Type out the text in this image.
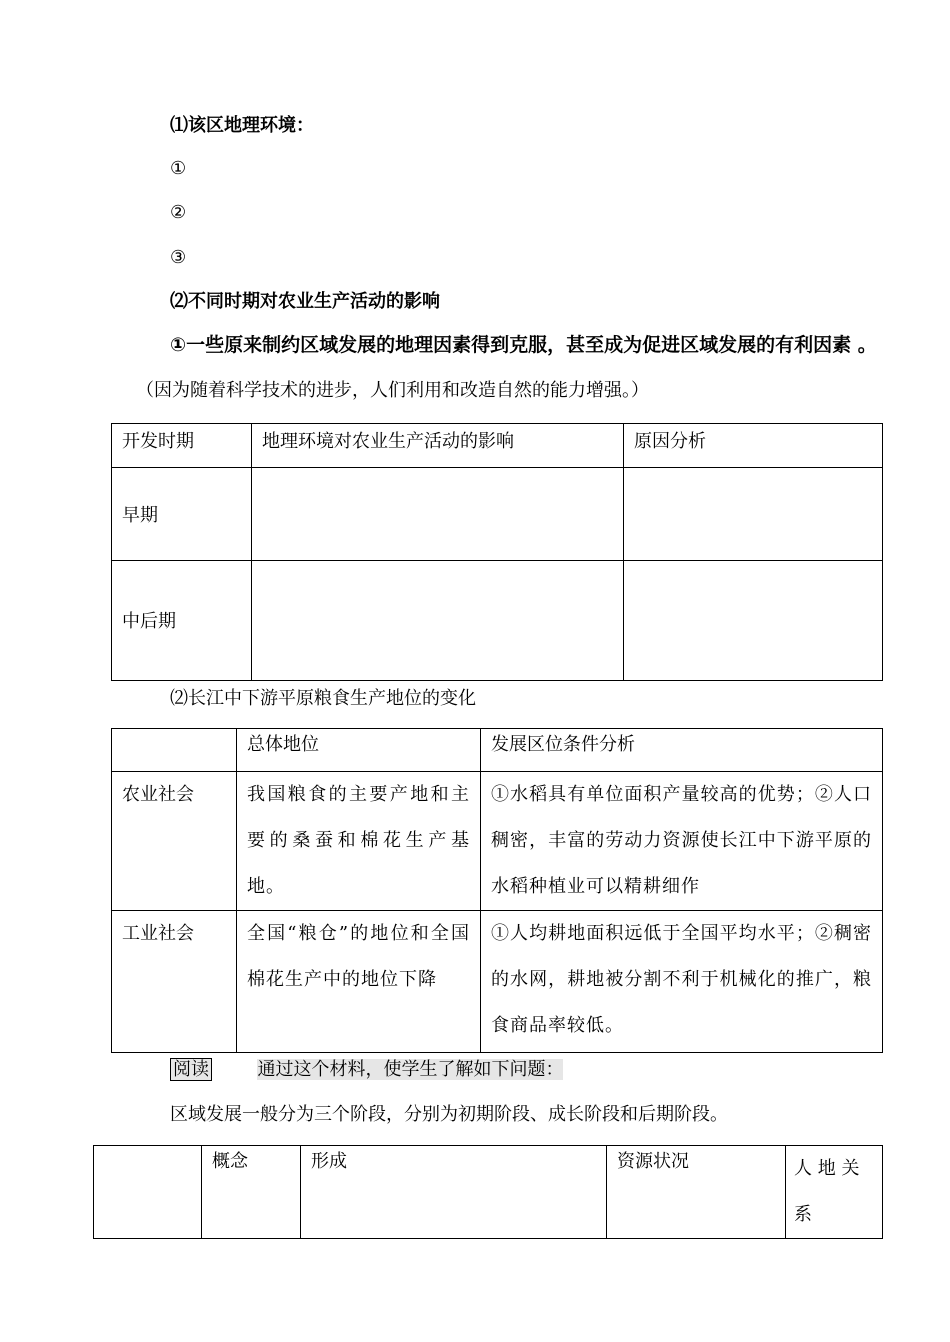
⑴该区地理环境：
①
②
③
⑵不同时期对农业生产活动的影响
①一些原来制约区域发展的地理因素得到克服，甚至成为促进区域发展的有利因素 。
（因为随着科学技术的进步，人们利用和改造自然的能力增强。）
开发时期	地理环境对农业生产活动的影响	原因分析
早期		
中后期		
⑵长江中下游平原粮食生产地位的变化
	总体地位	发展区位条件分析
农业社会	我国粮食的主要产地和主要的桑蚕和棉花生产基地。	①水稻具有单位面积产量较高的优势；②人口稠密，丰富的劳动力资源使长江中下游平原的水稻种植业可以精耕细作
工业社会	全国“粮仓”的地位和全国棉花生产中的地位下降	①人均耕地面积远低于全国平均水平；②稠密的水网，耕地被分割不利于机械化的推广，粮食商品率较低。
阅读	通过这个材料，使学生了解如下问题：
区域发展一般分为三个阶段，分别为初期阶段、成长阶段和后期阶段。
	概念	形成	资源状况	人 地 关 系
